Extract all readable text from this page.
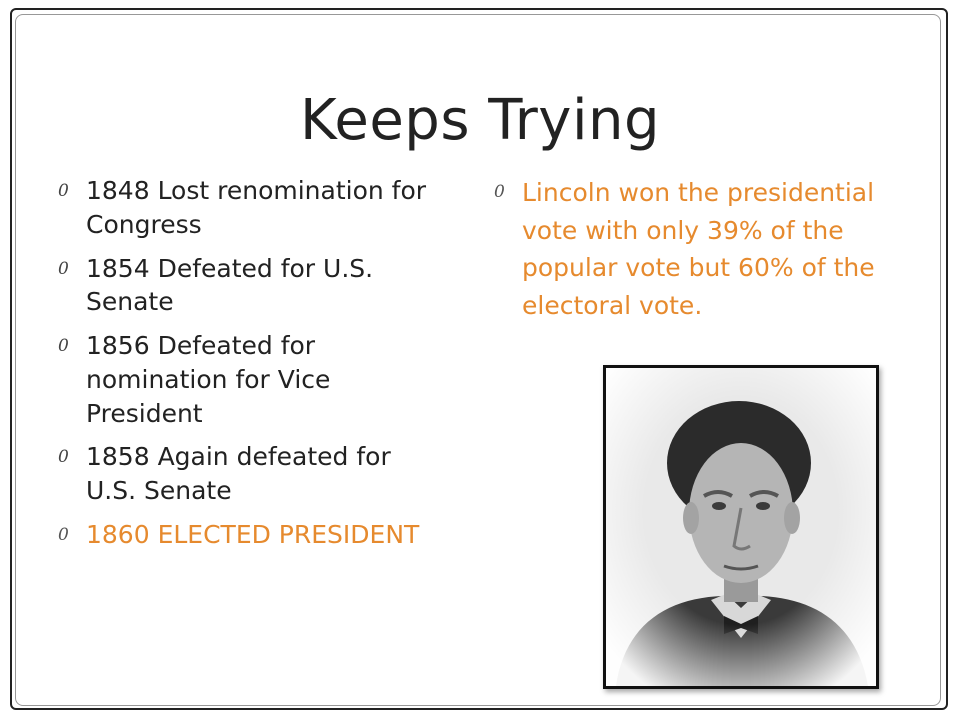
Keeps Trying
0 1848 Lost renomination for Congress
0 1854 Defeated for U.S. Senate
0 1856 Defeated for nomination for Vice President
0 1858 Again defeated for U.S. Senate
0 1860 ELECTED PRESIDENT
0 Lincoln won the presidential vote with only 39% of the popular vote but 60% of the electoral vote.
